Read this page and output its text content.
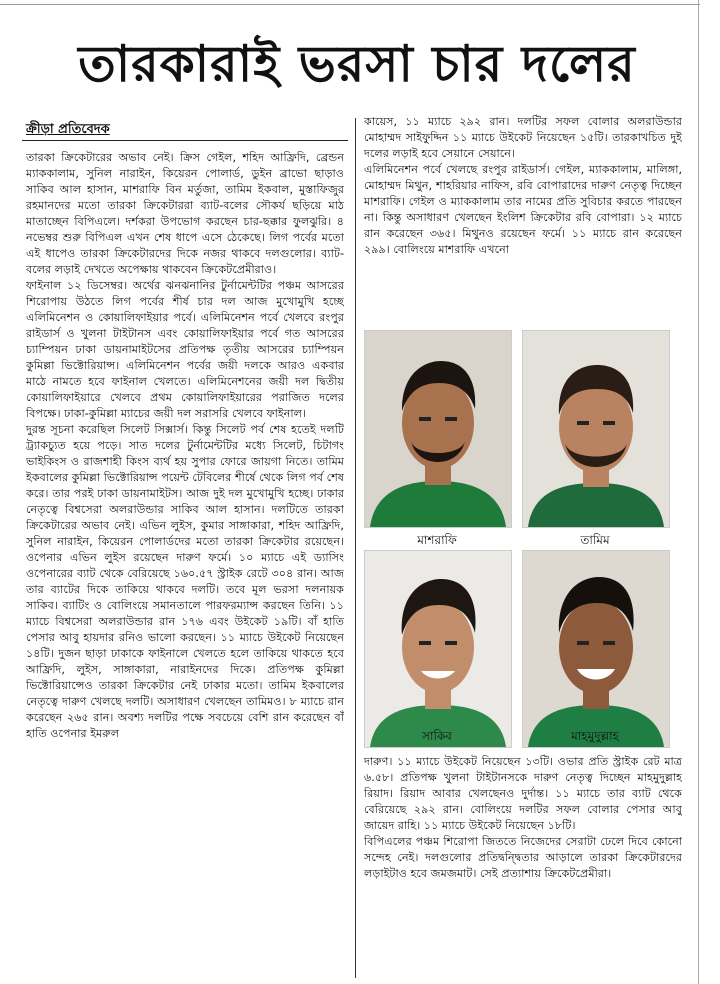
তারকারাই ভরসা চার দলের
ক্রীড়া প্রতিবেদক

তারকা ক্রিকেটারের অভাব নেই। ক্রিস গেইল, শহিদ আফ্রিদি, ব্রেন্ডন ম্যাককালাম, সুনিল নারাইন, কিয়েরন পোলার্ড, ডুইন ব্রাভো ছাড়াও সাকিব আল হাসান, মাশরাফি বিন মর্তুজা, তামিম ইকবাল, মুস্তাফিজুর রহমানদের মতো তারকা ক্রিকেটাররা ব্যাট-বলের সৌকর্য ছড়িয়ে মাঠ মাতাচ্ছেন বিপিএলে। দর্শকরা উপভোগ করছেন চার-ছক্কার ফুলঝুরি। ৪ নভেম্বর শুরু বিপিএল এখন শেষ ধাপে এসে ঠেকেছে। লিগ পর্বের মতো এই ধাপেও তারকা ক্রিকেটারদের দিকে নজর থাকবে দলগুলোর। ব্যাট-বলের লড়াই দেখতে অপেক্ষায় থাকবেন ক্রিকেটপ্রেমীরাও।

ফাইনাল ১২ ডিসেম্বর। অর্থের ঝনঝনানির টুর্নামেন্টটির পঞ্চম আসরের শিরোপায় উঠতে লিগ পর্বের শীর্ষ চার দল আজ মুখোমুখি হচ্ছে এলিমিনেশন ও কোয়ালিফাইয়ার পর্বে। এলিমিনেশন পর্বে খেলবে রংপুর রাইডার্স ও খুলনা টাইটানস এবং কোয়ালিফাইয়ার পর্বে গত আসরের চ্যাম্পিয়ন ঢাকা ডায়নামাইটসের প্রতিপক্ষ তৃতীয় আসরের চ্যাম্পিয়ন কুমিল্লা ভিক্টোরিয়ান্স। এলিমিনেশন পর্বের জয়ী দলকে আরও একবার মাঠে নামতে হবে ফাইনাল খেলতে। এলিমিনেশনের জয়ী দল দ্বিতীয় কোয়ালিফাইয়ারে খেলবে প্রথম কোয়ালিফাইয়ারের পরাজিত দলের বিপক্ষে। ঢাকা-কুমিল্লা ম্যাচের জয়ী দল সরাসরি খেলবে ফাইনাল।

দুরন্ত সূচনা করেছিল সিলেট সিক্সার্স। কিন্তু সিলেট পর্ব শেষ হতেই দলটি ট্র্যাকচ্যুত হয়ে পড়ে। সাত দলের টুর্নামেন্টটির মধ্যে সিলেট, চিটাগং ভাইকিংস ও রাজশাহী কিংস ব্যর্থ হয় সুপার ফোরে জায়গা নিতে। তামিম ইকবালের কুমিল্লা ভিক্টোরিয়ান্স পয়েন্ট টেবিলের শীর্ষে থেকে লিগ পর্ব শেষ করে। তার পরই ঢাকা ডায়নামাইটস। আজ দুই দল মুখোমুখি হচ্ছে। ঢাকার নেতৃত্বে বিশ্বসেরা অলরাউন্ডার সাকিব আল হাসান। দলটিতে তারকা ক্রিকেটারের অভাব নেই। এভিন লুইস, কুমার সাঙ্গাকারা, শহিদ আফ্রিদি, সুনিল নারাইন, কিয়েরন পোলার্ডদের মতো তারকা ক্রিকেটার রয়েছেন। ওপেনার এভিন লুইস রয়েছেন দারুণ ফর্মে। ১০ ম্যাচে এই ড্যাসিং ওপেনারের ব্যাট থেকে বেরিয়েছে ১৬০.৫৭ স্ট্রাইক রেটে ৩০৪ রান। আজ তার ব্যাটের দিকে তাকিয়ে থাকবে দলটি। তবে মূল ভরসা দলনায়ক সাকিব। ব্যাটিং ও বোলিংয়ে সমানতালে পারফরম্যান্স করছেন তিনি। ১১ ম্যাচে বিশ্বসেরা অলরাউন্ডার রান ১৭৬ এবং উইকেট ১৯টি। বাঁ হাতি পেসার আবু হায়দার রনিও ভালো করছেন। ১১ ম্যাচে উইকেট নিয়েছেন ১৪টি। দুজন ছাড়া ঢাকাকে ফাইনালে খেলতে হলে তাকিয়ে থাকতে হবে আফ্রিদি, লুইস, সাঙ্গাকারা, নারাইনদের দিকে। প্রতিপক্ষ কুমিল্লা ভিক্টোরিয়ান্সেও তারকা ক্রিকেটার নেই ঢাকার মতো। তামিম ইকবালের নেতৃত্বে দারুণ খেলছে দলটি। অসাধারণ খেলছেন তামিমও। ৮ ম্যাচে রান করেছেন ২৬৫ রান। অবশ্য দলটির পক্ষে সবচেয়ে বেশি রান করেছেন বাঁ হাতি ওপেনার ইমরুল

কায়েস, ১১ ম্যাচে ২৯২ রান। দলটির সফল বোলার অলরাউন্ডার মোহাম্মদ সাইফুদ্দিন ১১ ম্যাচে উইকেট নিয়েছেন ১৫টি। তারকাখচিত দুই দলের লড়াই হবে সেয়ানে সেয়ানে।

এলিমিনেশন পর্বে খেলছে রংপুর রাইডার্স। গেইল, ম্যাককালাম, মালিঙ্গা, মোহাম্মদ মিথুন, শাহরিয়ার নাফিস, রবি বোপারাদের দারুণ নেতৃত্ব দিচ্ছেন মাশরাফি। গেইল ও ম্যাককালাম তার নামের প্রতি সুবিচার করতে পারছেন না। কিন্তু অসাধারণ খেলছেন ইংলিশ ক্রিকেটার রবি বোপারা। ১২ ম্যাচে রান করেছেন ৩৬৫। মিথুনও রয়েছেন ফর্মে। ১১ ম্যাচে রান করেছেন ২৯৯। বোলিংয়ে মাশরাফি এখনো

মাশরাফি	তামিম
সাকিব	মাহমুদুল্লাহ

দারুণ। ১১ ম্যাচে উইকেট নিয়েছেন ১৩টি। ওভার প্রতি স্ট্রাইক রেট মাত্র ৬.৫৮। প্রতিপক্ষ খুলনা টাইটানসকে দারুণ নেতৃত্ব দিচ্ছেন মাহমুদুল্লাহ রিয়াদ। রিয়াদ আবার খেলছেনও দুর্দান্ত। ১১ ম্যাচে তার ব্যাট থেকে বেরিয়েছে ২৯২ রান। বোলিংয়ে দলটির সফল বোলার পেসার আবু জায়েদ রাহি। ১১ ম্যাচে উইকেট নিয়েছেন ১৮টি।

বিপিএলের পঞ্চম শিরোপা জিততে নিজেদের সেরাটা ঢেলে দিবে কোনো সন্দেহ নেই। দলগুলোর প্রতিদ্বন্দ্বিতার আড়ালে তারকা ক্রিকেটারদের লড়াইটাও হবে জমজমাট। সেই প্রত্যাশায় ক্রিকেটপ্রেমীরা।
